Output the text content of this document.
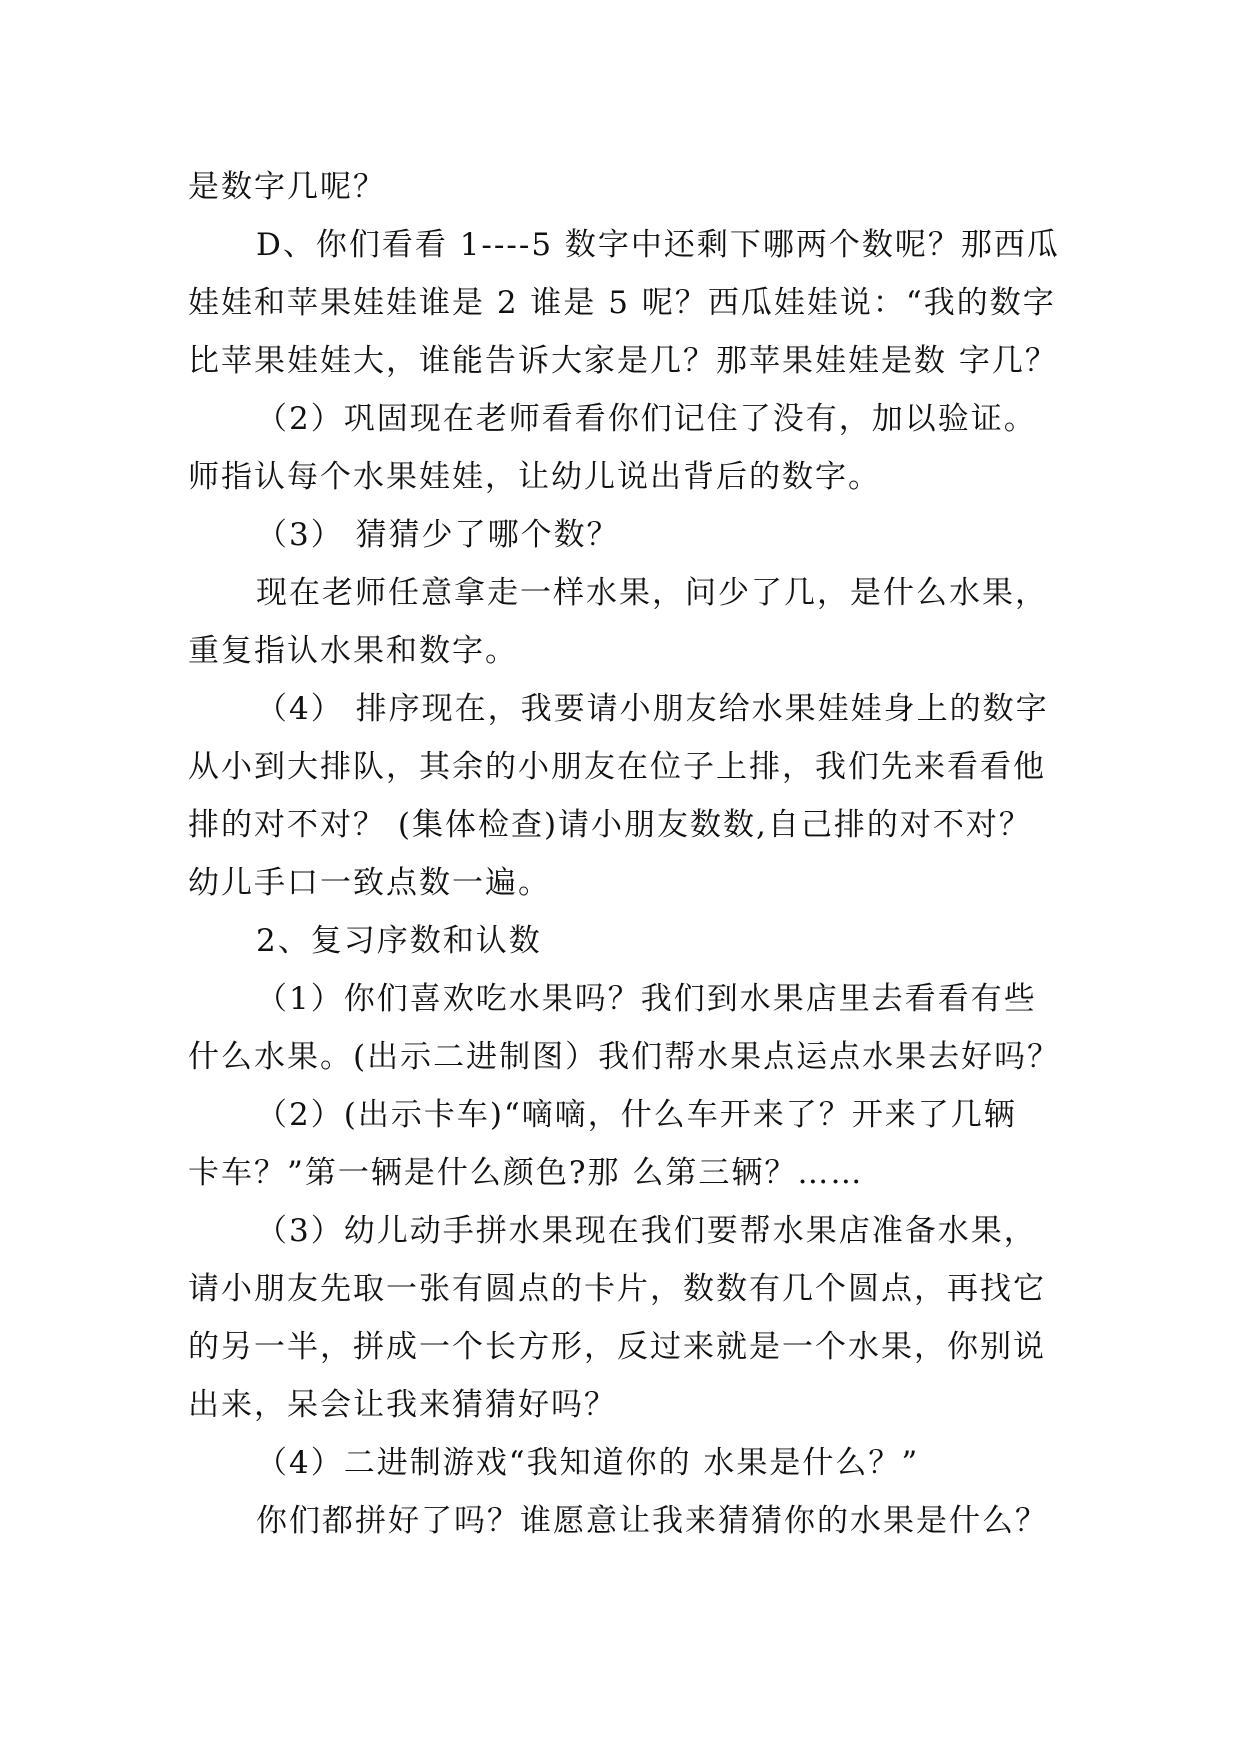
是数字几呢？
D、你们看看 1----5 数字中还剩下哪两个数呢？那西瓜
娃娃和苹果娃娃谁是 2 谁是 5 呢？西瓜娃娃说：“我的数字
比苹果娃娃大，谁能告诉大家是几？那苹果娃娃是数 字几？
（2）巩固现在老师看看你们记住了没有，加以验证。
师指认每个水果娃娃，让幼儿说出背后的数字。
（3） 猜猜少了哪个数？
现在老师任意拿走一样水果，问少了几，是什么水果，
重复指认水果和数字。
（4） 排序现在，我要请小朋友给水果娃娃身上的数字
从小到大排队，其余的小朋友在位子上排，我们先来看看他
排的对不对？ (集体检查)请小朋友数数,自己排的对不对？
幼儿手口一致点数一遍。
2、复习序数和认数
（1）你们喜欢吃水果吗？我们到水果店里去看看有些
什么水果。(出示二进制图）我们帮水果点运点水果去好吗？
（2）(出示卡车)“嘀嘀，什么车开来了？开来了几辆
卡车？”第一辆是什么颜色?那 么第三辆？……
（3）幼儿动手拼水果现在我们要帮水果店准备水果，
请小朋友先取一张有圆点的卡片，数数有几个圆点，再找它
的另一半，拼成一个长方形，反过来就是一个水果，你别说
出来，呆会让我来猜猜好吗？
（4）二进制游戏“我知道你的 水果是什么？”
你们都拼好了吗？谁愿意让我来猜猜你的水果是什么？
